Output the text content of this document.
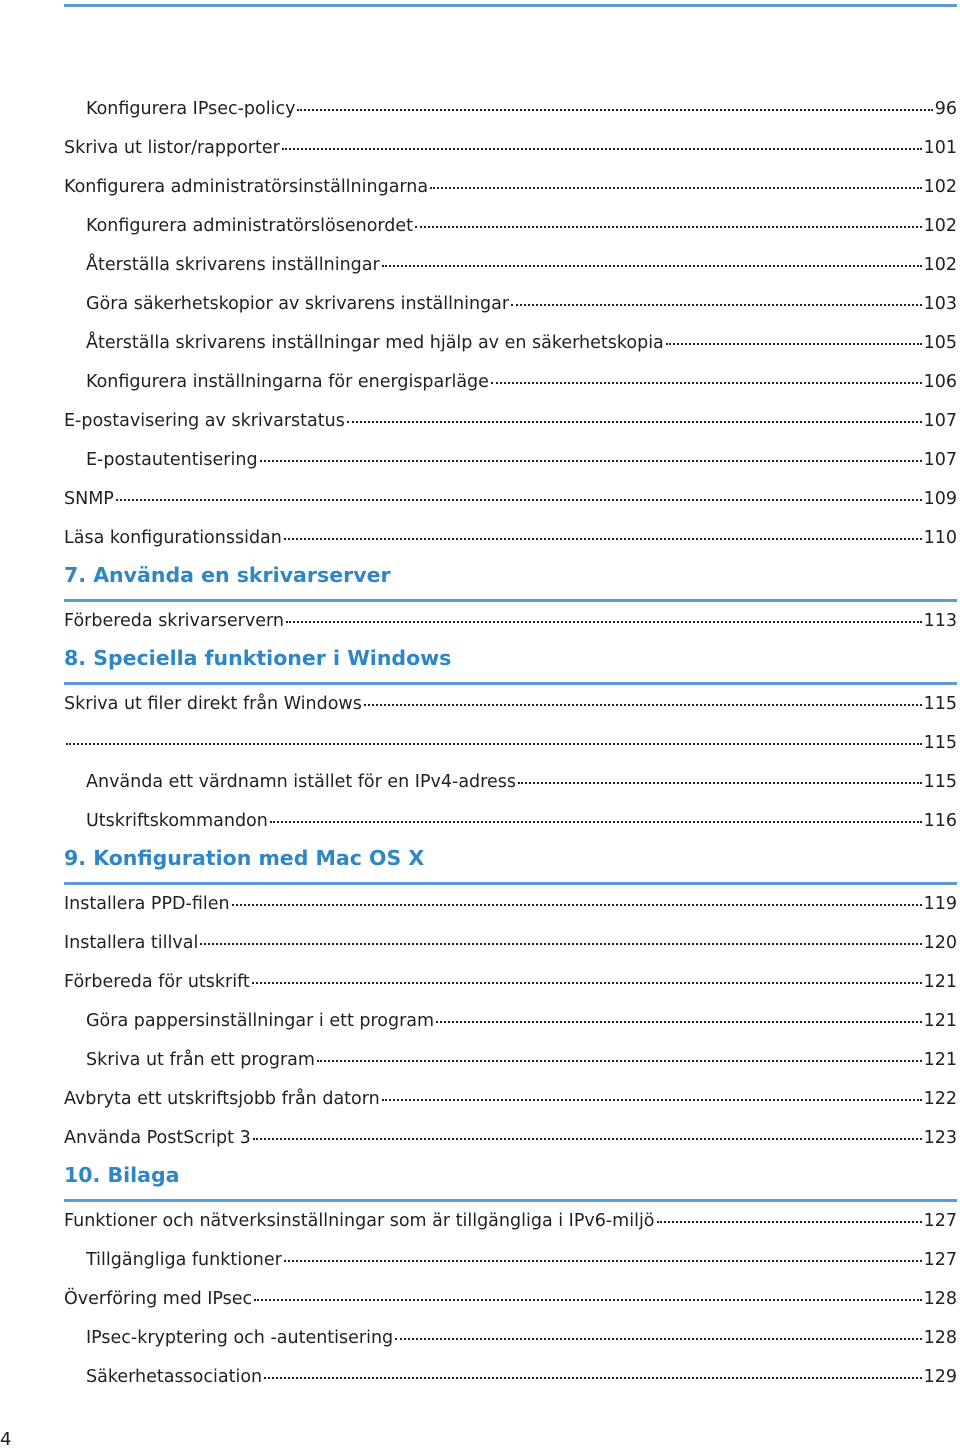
Konfigurera IPsec-policy	96
Skriva ut listor/rapporter	101
Konfigurera administratörsinställningarna	102
Konfigurera administratörslösenordet	102
Återställa skrivarens inställningar	102
Göra säkerhetskopior av skrivarens inställningar	103
Återställa skrivarens inställningar med hjälp av en säkerhetskopia	105
Konfigurera inställningarna för energisparläge	106
E-postavisering av skrivarstatus	107
E-postautentisering	107
SNMP	109
Läsa konfigurationssidan	110
7. Använda en skrivarserver
Förbereda skrivarservern	113
8. Speciella funktioner i Windows
Skriva ut filer direkt från Windows	115
115
Använda ett värdnamn istället för en IPv4-adress	115
Utskriftskommandon	116
9. Konfiguration med Mac OS X
Installera PPD-filen	119
Installera tillval	120
Förbereda för utskrift	121
Göra pappersinställningar i ett program	121
Skriva ut från ett program	121
Avbryta ett utskriftsjobb från datorn	122
Använda PostScript 3	123
10. Bilaga
Funktioner och nätverksinställningar som är tillgängliga i IPv6-miljö	127
Tillgängliga funktioner	127
Överföring med IPsec	128
IPsec-kryptering och -autentisering	128
Säkerhetassociation	129
4
